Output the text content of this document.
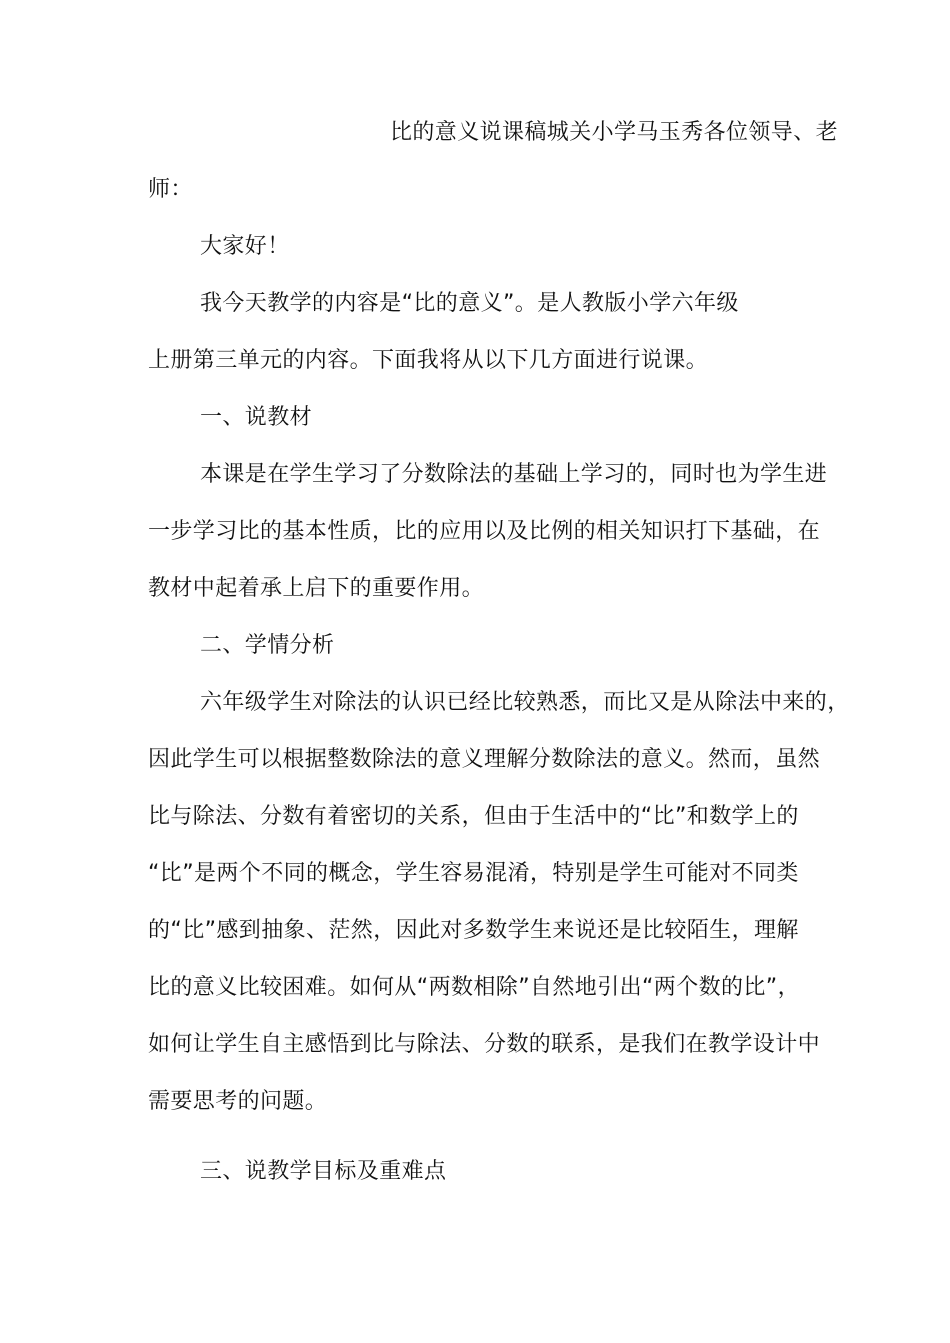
比的意义说课稿城关小学马玉秀各位领导、老
师：
大家好！
我今天教学的内容是“比的意义”。是人教版小学六年级
上册第三单元的内容。下面我将从以下几方面进行说课。
一、说教材
本课是在学生学习了分数除法的基础上学习的，同时也为学生进
一步学习比的基本性质，比的应用以及比例的相关知识打下基础，在
教材中起着承上启下的重要作用。
二、学情分析
六年级学生对除法的认识已经比较熟悉，而比又是从除法中来的，
因此学生可以根据整数除法的意义理解分数除法的意义。然而，虽然
比与除法、分数有着密切的关系，但由于生活中的“比”和数学上的
“比”是两个不同的概念，学生容易混淆，特别是学生可能对不同类
的“比”感到抽象、茫然，因此对多数学生来说还是比较陌生，理解
比的意义比较困难。如何从“两数相除”自然地引出“两个数的比”，
如何让学生自主感悟到比与除法、分数的联系，是我们在教学设计中
需要思考的问题。
三、说教学目标及重难点
